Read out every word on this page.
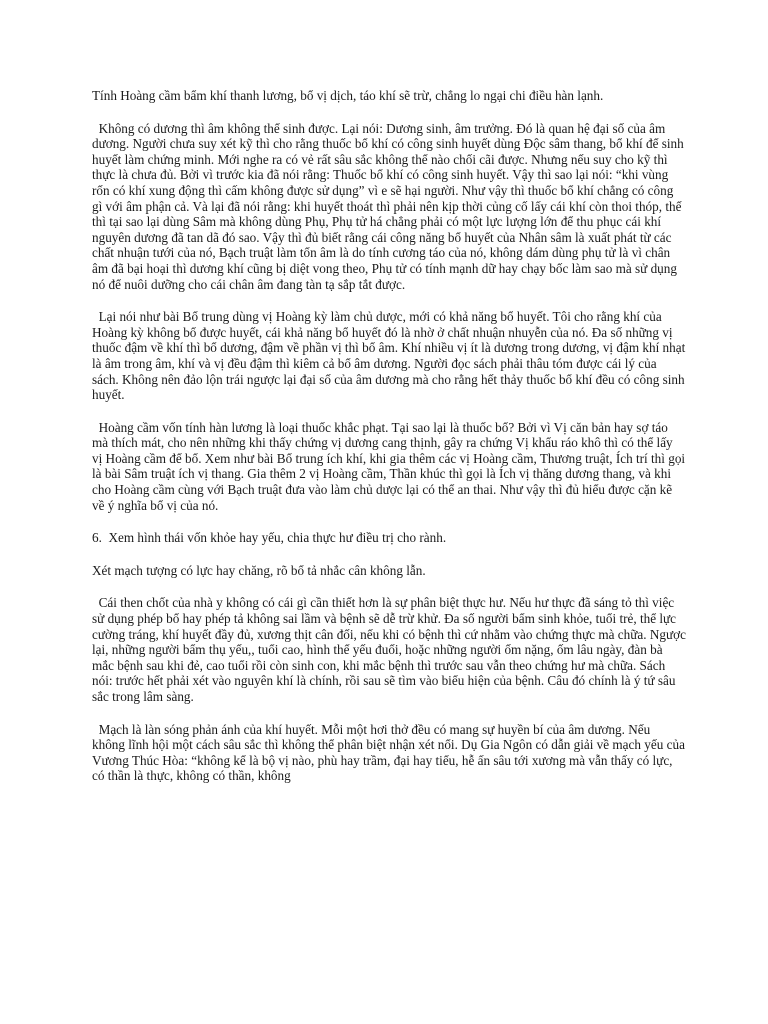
Tính Hoàng cầm bẩm khí thanh lương, bổ vị dịch, táo khí sẽ trừ, chẳng lo ngại chi điều hàn lạnh.

Không có dương thì âm không thể sinh được. Lại nói: Dương sinh, âm trưởng. Đó là quan hệ đại số của âm dương. Người chưa suy xét kỹ thì cho rằng thuốc bổ khí có công sinh huyết dùng Độc sâm thang, bổ khí để sinh huyết làm chứng minh. Mới nghe ra có vẻ rất sâu sắc không thể nào chối cãi được. Nhưng nếu suy cho kỹ thì thực là chưa đủ. Bởi vì trước kia đã nói rằng: Thuốc bổ khí có công sinh huyết. Vậy thì sao lại nói: “khi vùng rốn có khí xung động thì cấm không được sử dụng” vì e sẽ hại người. Như vậy thì thuốc bổ khí chẳng có công gì với âm phận cả. Và lại đã nói rằng: khi huyết thoát thì phải nên kịp thời củng cố lấy cái khí còn thoi thóp, thế thì tại sao lại dùng Sâm mà không dùng Phụ, Phụ tử há chẳng phải có một lực lượng lớn để thu phục cái khí nguyên dương đã tan dã đó sao. Vậy thì đủ biết rằng cái công năng bổ huyết của Nhân sâm là xuất phát từ các chất nhuận tưới của nó, Bạch truật làm tổn âm là do tính cương táo của nó, không dám dùng phụ tử là vì chân âm đã bại hoại thì dương khí cũng bị diệt vong theo, Phụ tử có tính mạnh dữ hay chạy bốc làm sao mà sử dụng nó để nuôi dưỡng cho cái chân âm đang tàn tạ sắp tắt được.

Lại nói như bài Bổ trung dùng vị Hoàng kỳ làm chủ dược, mới có khả năng bổ huyết. Tôi cho rằng khí của Hoàng kỳ không bổ được huyết, cái khả năng bổ huyết đó là nhờ ở chất nhuận nhuyễn của nó. Đa số những vị thuốc đậm về khí thì bổ dương, đậm về phần vị thì bổ âm. Khí nhiều vị ít là dương trong dương, vị đậm khí nhạt là âm trong âm, khí và vị đều đậm thì kiêm cả bổ âm dương. Người đọc sách phải thâu tóm được cái lý của sách. Không nên đảo lộn trái ngược lại đại số của âm dương mà cho rằng hết thảy thuốc bổ khí đều có công sinh huyết.

Hoàng cầm vốn tính hàn lương là loại thuốc khắc phạt. Tại sao lại là thuốc bổ? Bởi vì Vị căn bản hay sợ táo mà thích mát, cho nên những khi thấy chứng vị dương cang thịnh, gây ra chứng Vị khẩu ráo khô thì có thể lấy vị Hoàng cầm để bổ. Xem như bài Bổ trung ích khí, khi gia thêm các vị Hoàng cầm, Thương truật, Ích trí thì gọi là bài Sâm truật ích vị thang. Gia thêm 2 vị Hoàng cầm, Thần khúc thì gọi là Ích vị thăng dương thang, và khi cho Hoàng cầm cùng với Bạch truật đưa vào làm chủ dược lại có thể an thai. Như vậy thì đủ hiểu được cặn kẽ về ý nghĩa bổ vị của nó.

6.  Xem hình thái vốn khỏe hay yếu, chia thực hư điều trị cho rành.

Xét mạch tượng có lực hay chăng, rõ bổ tả nhắc cân không lẫn.

Cái then chốt của nhà y không có cái gì cần thiết hơn là sự phân biệt thực hư. Nếu hư thực đã sáng tỏ thì việc sử dụng phép bổ hay phép tả không sai lầm và bệnh sẽ dễ trừ khử. Đa số người bẩm sinh khỏe, tuổi trẻ, thể lực cường tráng, khí huyết đầy đủ, xương thịt cân đối, nếu khi có bệnh thì cứ nhằm vào chứng thực mà chữa. Ngược lại, những người bẩm thụ yếu,, tuổi cao, hình thể yếu đuối, hoặc những người ốm nặng, ốm lâu ngày, đàn bà mắc bệnh sau khi đẻ, cao tuổi rồi còn sinh con, khi mắc bệnh thì trước sau vẫn theo chứng hư mà chữa. Sách nói: trước hết phải xét vào nguyên khí là chính, rồi sau sẽ tìm vào biểu hiện của bệnh. Câu đó chính là ý tứ sâu sắc trong lâm sàng.

Mạch là làn sóng phản ánh của khí huyết. Mỗi một hơi thở đều có mang sự huyền bí của âm dương. Nếu không lĩnh hội một cách sâu sắc thì không thể phân biệt nhận xét nổi. Dụ Gia Ngôn có dẫn giải về mạch yếu của Vương Thúc Hòa: “không kể là bộ vị nào, phù hay trầm, đại hay tiểu, hễ ấn sâu tới xương mà vẫn thấy có lực, có thần là thực, không có thần, không
